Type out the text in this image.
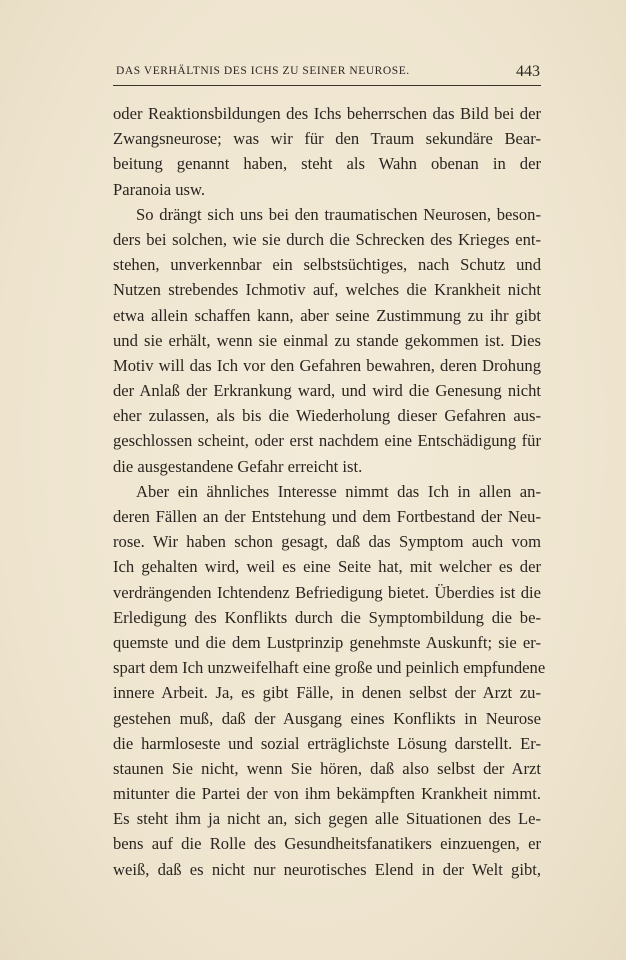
DAS VERHÄLTNIS DES ICHS ZU SEINER NEUROSE.	443
oder Reaktionsbildungen des Ichs beherrschen das Bild bei der
Zwangsneurose; was wir für den Traum sekundäre Bear-
beitung genannt haben, steht als Wahn obenan in der
Paranoia usw.
So drängt sich uns bei den traumatischen Neurosen, beson-
ders bei solchen, wie sie durch die Schrecken des Krieges ent-
stehen, unverkennbar ein selbstsüchtiges, nach Schutz und
Nutzen strebendes Ichmotiv auf, welches die Krankheit nicht
etwa allein schaffen kann, aber seine Zustimmung zu ihr gibt
und sie erhält, wenn sie einmal zu stande gekommen ist. Dies
Motiv will das Ich vor den Gefahren bewahren, deren Drohung
der Anlaß der Erkrankung ward, und wird die Genesung nicht
eher zulassen, als bis die Wiederholung dieser Gefahren aus-
geschlossen scheint, oder erst nachdem eine Entschädigung für
die ausgestandene Gefahr erreicht ist.
Aber ein ähnliches Interesse nimmt das Ich in allen an-
deren Fällen an der Entstehung und dem Fortbestand der Neu-
rose. Wir haben schon gesagt, daß das Symptom auch vom
Ich gehalten wird, weil es eine Seite hat, mit welcher es der
verdrängenden Ichtendenz Befriedigung bietet. Überdies ist die
Erledigung des Konflikts durch die Symptombildung die be-
quemste und die dem Lustprinzip genehmste Auskunft; sie er-
spart dem Ich unzweifelhaft eine große und peinlich empfundene
innere Arbeit. Ja, es gibt Fälle, in denen selbst der Arzt zu-
gestehen muß, daß der Ausgang eines Konflikts in Neurose
die harmloseste und sozial erträglichste Lösung darstellt. Er-
staunen Sie nicht, wenn Sie hören, daß also selbst der Arzt
mitunter die Partei der von ihm bekämpften Krankheit nimmt.
Es steht ihm ja nicht an, sich gegen alle Situationen des Le-
bens auf die Rolle des Gesundheitsfanatikers einzuengen, er
weiß, daß es nicht nur neurotisches Elend in der Welt gibt,
